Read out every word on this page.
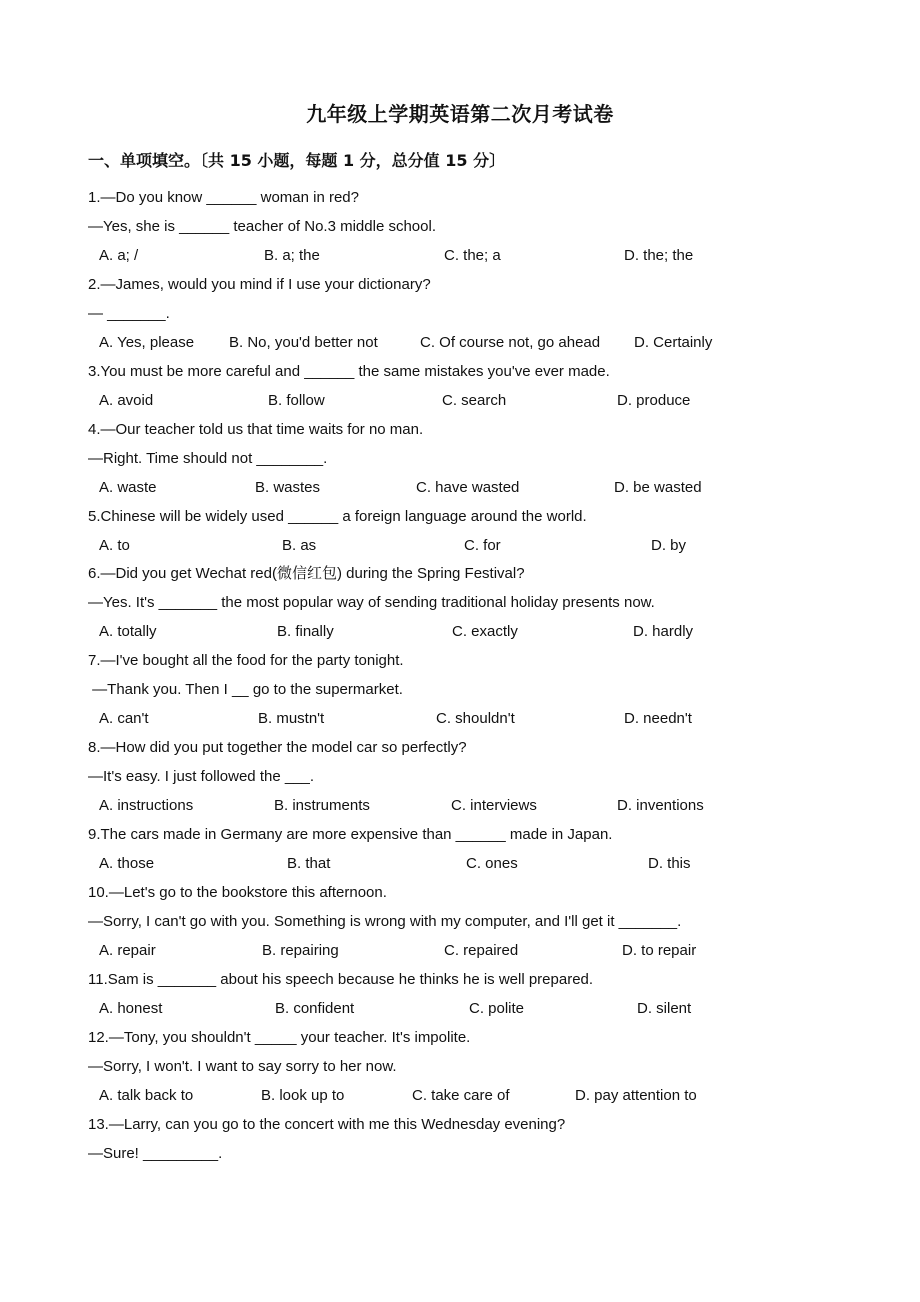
九年级上学期英语第二次月考试卷
一、单项填空。〔共 15 小题，每题 1 分，总分值 15 分〕
1.—Do you know ______ woman in red?
—Yes, she is ______ teacher of No.3 middle school.
A. a; /	B. a; the	C. the; a	D. the; the
2.—James, would you mind if I use your dictionary?
— _______.
A. Yes, please B. No, you'd better not	C. Of course not, go ahead D. Certainly
3.You must be more careful and ______ the same mistakes you've ever made.
A. avoid	B. follow	C. search	D. produce
4.—Our teacher told us that time waits for no man.
—Right. Time should not ________.
A. waste	B. wastes	C. have wasted	D. be wasted
5.Chinese will be widely used ______ a foreign language around the world.
A. to	B. as	C. for	D. by
6.—Did you get Wechat red(微信红包) during the Spring Festival?
—Yes. It's _______ the most popular way of sending traditional holiday presents now.
A. totally	B. finally	C. exactly	D. hardly
7.—I've bought all the food for the party tonight.
—Thank you. Then I __ go to the supermarket.
A. can't	B. mustn't	C. shouldn't	D. needn't
8.—How did you put together the model car so perfectly?
—It's easy. I just followed the ___.
A. instructions	B. instruments	C. interviews	D. inventions
9.The cars made in Germany are more expensive than ______ made in Japan.
A. those	B. that	C. ones	D. this
10.—Let's go to the bookstore this afternoon.
—Sorry, I can't go with you. Something is wrong with my computer, and I'll get it _______.
A. repair	B. repairing	C. repaired	D. to repair
11.Sam is _______ about his speech because he thinks he is well prepared.
A. honest	B. confident	C. polite	D. silent
12.—Tony, you shouldn't _____ your teacher. It's impolite.
—Sorry, I won't. I want to say sorry to her now.
A. talk back to	B. look up to	C. take care of	D. pay attention to
13.—Larry, can you go to the concert with me this Wednesday evening?
—Sure! _________.
